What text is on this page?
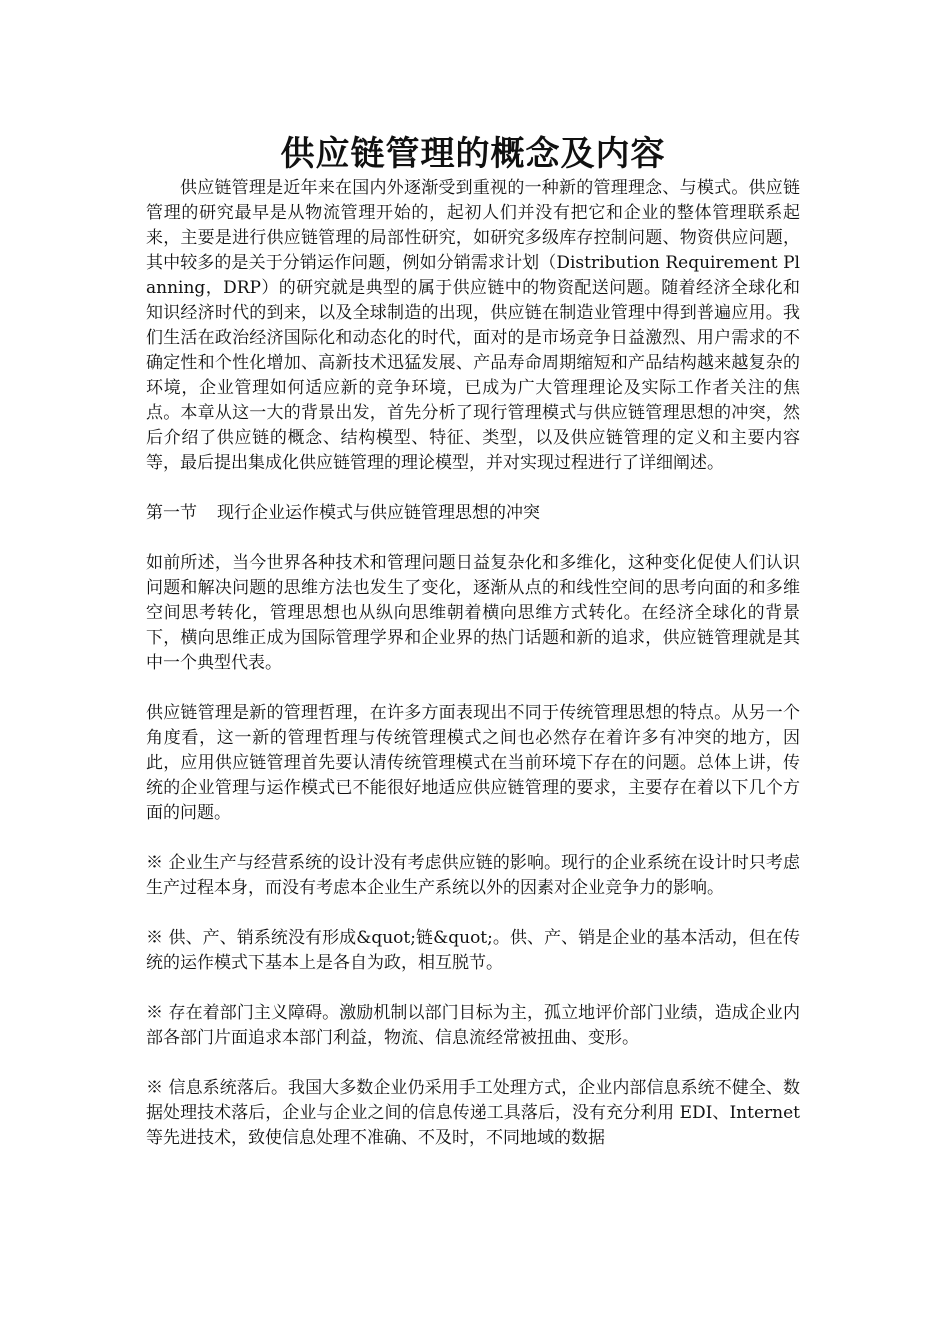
供应链管理的概念及内容

供应链管理是近年来在国内外逐渐受到重视的一种新的管理理念、与模式。供应链管理的研究最早是从物流管理开始的，起初人们并没有把它和企业的整体管理联系起来，主要是进行供应链管理的局部性研究，如研究多级库存控制问题、物资供应问题，其中较多的是关于分销运作问题，例如分销需求计划（Distribution Requirement Planning，DRP）的研究就是典型的属于供应链中的物资配送问题。随着经济全球化和知识经济时代的到来，以及全球制造的出现，供应链在制造业管理中得到普遍应用。我们生活在政治经济国际化和动态化的时代，面对的是市场竞争日益激烈、用户需求的不确定性和个性化增加、高新技术迅猛发展、产品寿命周期缩短和产品结构越来越复杂的环境，企业管理如何适应新的竞争环境，已成为广大管理理论及实际工作者关注的焦点。本章从这一大的背景出发，首先分析了现行管理模式与供应链管理思想的冲突，然后介绍了供应链的概念、结构模型、特征、类型，以及供应链管理的定义和主要内容等，最后提出集成化供应链管理的理论模型，并对实现过程进行了详细阐述。

第一节 现行企业运作模式与供应链管理思想的冲突

如前所述，当今世界各种技术和管理问题日益复杂化和多维化，这种变化促使人们认识问题和解决问题的思维方法也发生了变化，逐渐从点的和线性空间的思考向面的和多维空间思考转化，管理思想也从纵向思维朝着横向思维方式转化。在经济全球化的背景下，横向思维正成为国际管理学界和企业界的热门话题和新的追求，供应链管理就是其中一个典型代表。

供应链管理是新的管理哲理，在许多方面表现出不同于传统管理思想的特点。从另一个角度看，这一新的管理哲理与传统管理模式之间也必然存在着许多有冲突的地方，因此，应用供应链管理首先要认清传统管理模式在当前环境下存在的问题。总体上讲，传统的企业管理与运作模式已不能很好地适应供应链管理的要求，主要存在着以下几个方面的问题。

※ 企业生产与经营系统的设计没有考虑供应链的影响。现行的企业系统在设计时只考虑生产过程本身，而没有考虑本企业生产系统以外的因素对企业竞争力的影响。

※ 供、产、销系统没有形成&quot;链&quot;。供、产、销是企业的基本活动，但在传统的运作模式下基本上是各自为政，相互脱节。

※ 存在着部门主义障碍。激励机制以部门目标为主，孤立地评价部门业绩，造成企业内部各部门片面追求本部门利益，物流、信息流经常被扭曲、变形。

※ 信息系统落后。我国大多数企业仍采用手工处理方式，企业内部信息系统不健全、数据处理技术落后，企业与企业之间的信息传递工具落后，没有充分利用 EDI、Internet 等先进技术，致使信息处理不准确、不及时，不同地域的数据
